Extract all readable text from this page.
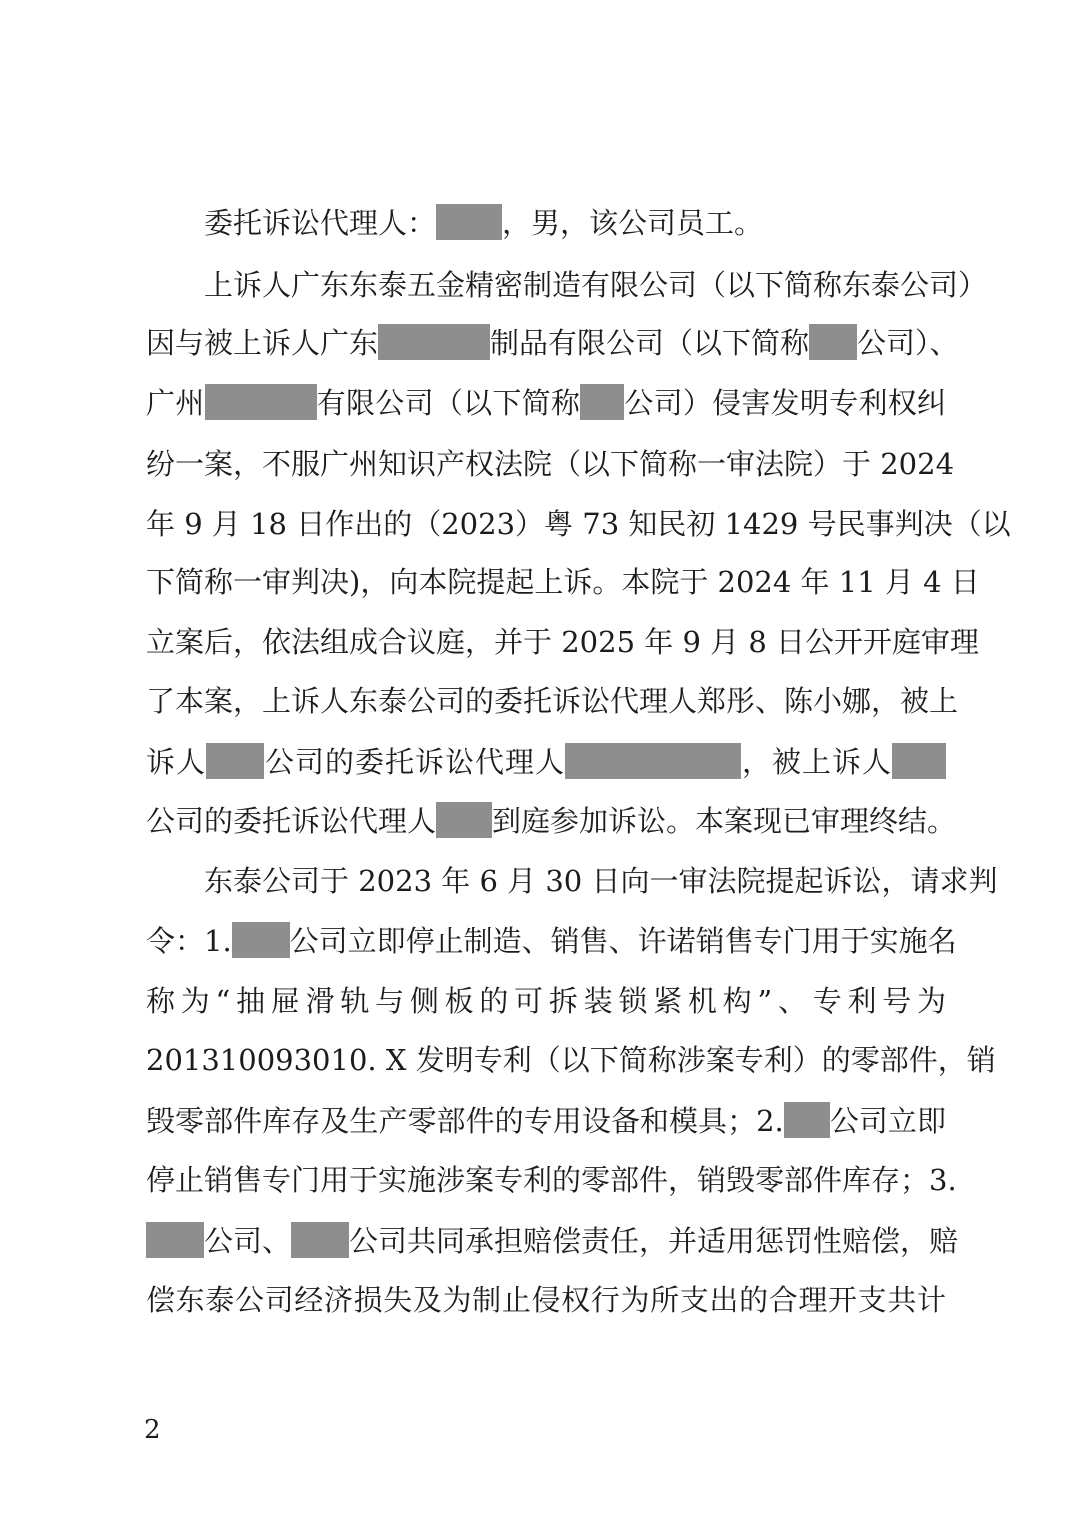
委托诉讼代理人： ，男，该公司员工。
上诉人广东东泰五金精密制造有限公司（以下简称东泰公司）
因与被上诉人广东	制品有限公司（以下简称 公司）、
广州	有限公司（以下简称 公司）侵害发明专利权纠
纷一案，不服广州知识产权法院（以下简称一审法院）于 2024
年 9 月 18 日作出的（2023）粤 73 知民初 1429 号民事判决（以
下简称一审判决)，向本院提起上诉。本院于 2024 年 11 月 4 日
立案后，依法组成合议庭，并于 2025 年 9 月 8 日公开开庭审理
了本案，上诉人东泰公司的委托诉讼代理人郑彤、陈小娜，被上
诉人 公司的委托诉讼代理人	，被上诉人
公司的委托诉讼代理人 到庭参加诉讼。本案现已审理终结。
东泰公司于 2023 年 6 月 30 日向一审法院提起诉讼，请求判
令：1. 公司立即停止制造、销售、许诺销售专门用于实施名
称为“抽屉滑轨与侧板的可拆装锁紧机构”、专利号为
201310093010. X 发明专利（以下简称涉案专利）的零部件，销
毁零部件库存及生产零部件的专用设备和模具；2. 公司立即
停止销售专门用于实施涉案专利的零部件，销毁零部件库存；3.
公司、 公司共同承担赔偿责任，并适用惩罚性赔偿，赔
偿东泰公司经济损失及为制止侵权行为所支出的合理开支共计
2
